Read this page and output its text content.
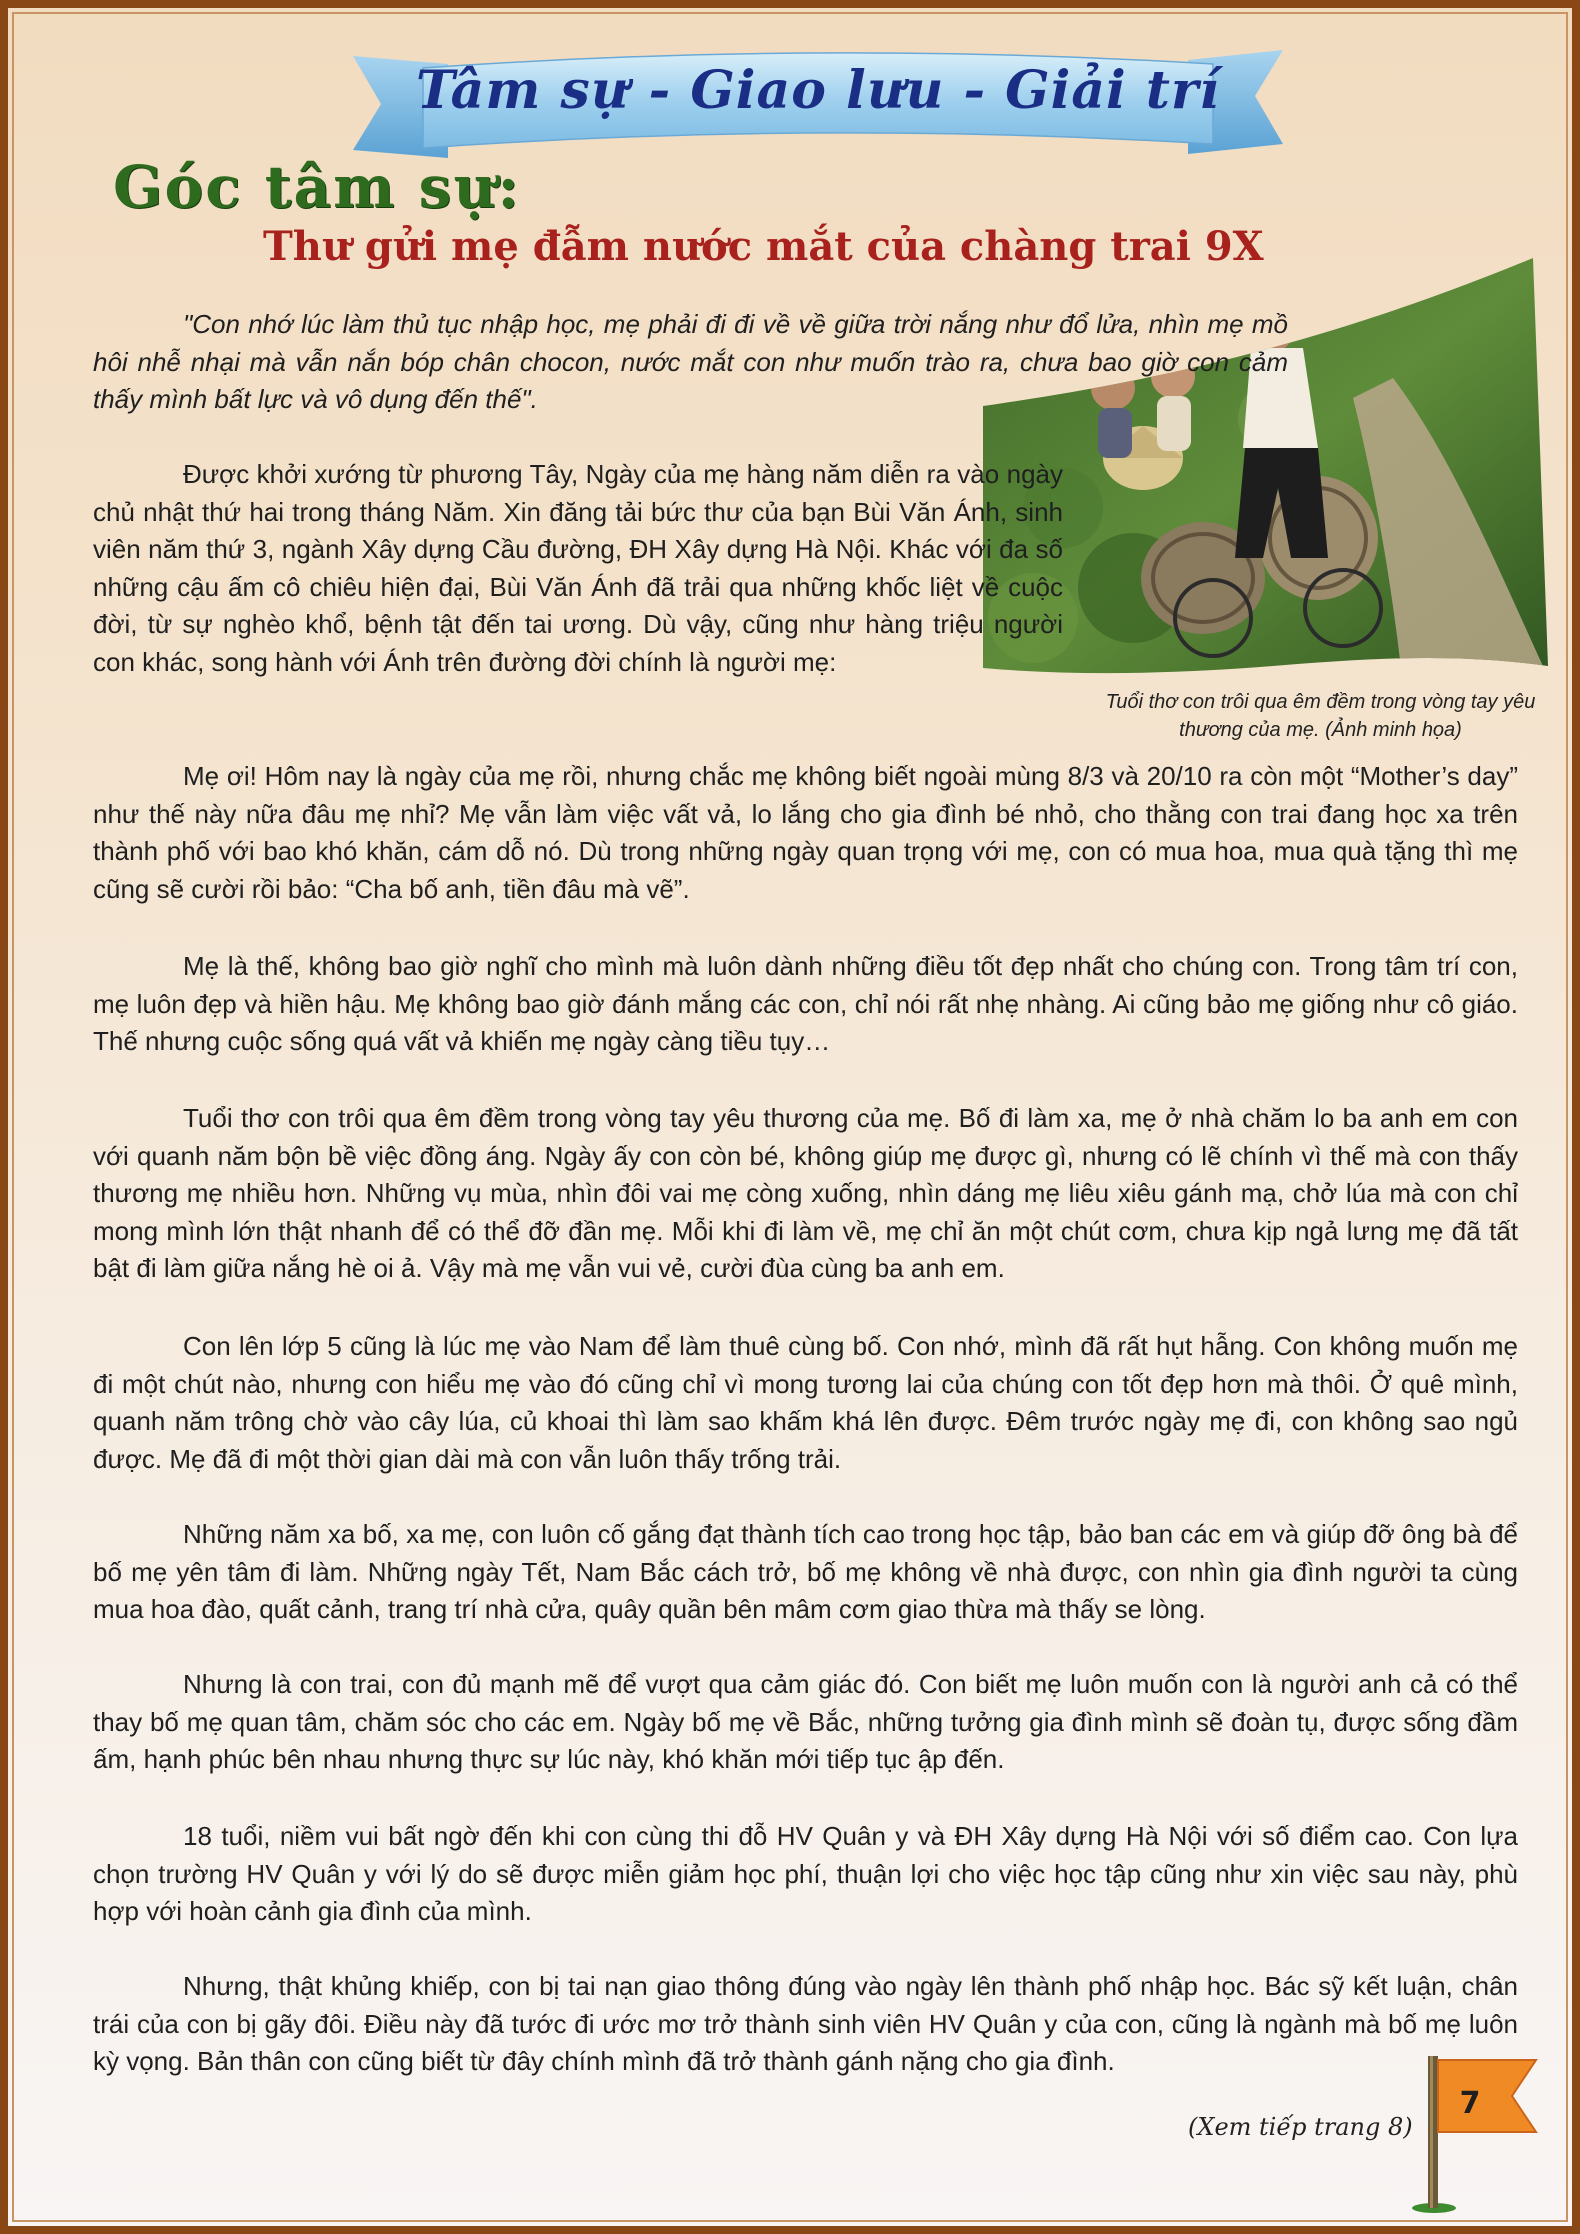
Tâm sự - Giao lưu - Giải trí
Góc tâm sự:
Thư gửi mẹ đẫm nước mắt của chàng trai 9X
Tuổi thơ con trôi qua êm đềm trong vòng tay yêu thương của mẹ. (Ảnh minh họa)

"Con nhớ lúc làm thủ tục nhập học, mẹ phải đi đi về về giữa trời nắng như đổ lửa, nhìn mẹ mồ hôi nhễ nhại mà vẫn nắn bóp chân chocon, nước mắt con như muốn trào ra, chưa bao giờ con cảm thấy mình bất lực và vô dụng đến thế".

Được khởi xướng từ phương Tây, Ngày của mẹ hàng năm diễn ra vào ngày chủ nhật thứ hai trong tháng Năm. Xin đăng tải bức thư của bạn Bùi Văn Ánh, sinh viên năm thứ 3, ngành Xây dựng Cầu đường, ĐH Xây dựng Hà Nội. Khác với đa số những cậu ấm cô chiêu hiện đại, Bùi Văn Ánh đã trải qua những khốc liệt về cuộc đời, từ sự nghèo khổ, bệnh tật đến tai ương. Dù vậy, cũng như hàng triệu người con khác, song hành với Ánh trên đường đời chính là người mẹ:

Mẹ ơi! Hôm nay là ngày của mẹ rồi, nhưng chắc mẹ không biết ngoài mùng 8/3 và 20/10 ra còn một “Mother’s day” như thế này nữa đâu mẹ nhỉ? Mẹ vẫn làm việc vất vả, lo lắng cho gia đình bé nhỏ, cho thằng con trai đang học xa trên thành phố với bao khó khăn, cám dỗ nó. Dù trong những ngày quan trọng với mẹ, con có mua hoa, mua quà tặng thì mẹ cũng sẽ cười rồi bảo: “Cha bố anh, tiền đâu mà vẽ”.

Mẹ là thế, không bao giờ nghĩ cho mình mà luôn dành những điều tốt đẹp nhất cho chúng con. Trong tâm trí con, mẹ luôn đẹp và hiền hậu. Mẹ không bao giờ đánh mắng các con, chỉ nói rất nhẹ nhàng. Ai cũng bảo mẹ giống như cô giáo. Thế nhưng cuộc sống quá vất vả khiến mẹ ngày càng tiều tụy…

Tuổi thơ con trôi qua êm đềm trong vòng tay yêu thương của mẹ. Bố đi làm xa, mẹ ở nhà chăm lo ba anh em con với quanh năm bộn bề việc đồng áng. Ngày ấy con còn bé, không giúp mẹ được gì, nhưng có lẽ chính vì thế mà con thấy thương mẹ nhiều hơn. Những vụ mùa, nhìn đôi vai mẹ còng xuống, nhìn dáng mẹ liêu xiêu gánh mạ, chở lúa mà con chỉ mong mình lớn thật nhanh để có thể đỡ đần mẹ. Mỗi khi đi làm về, mẹ chỉ ăn một chút cơm, chưa kịp ngả lưng mẹ đã tất bật đi làm giữa nắng hè oi ả. Vậy mà mẹ vẫn vui vẻ, cười đùa cùng ba anh em.

Con lên lớp 5 cũng là lúc mẹ vào Nam để làm thuê cùng bố. Con nhớ, mình đã rất hụt hẫng. Con không muốn mẹ đi một chút nào, nhưng con hiểu mẹ vào đó cũng chỉ vì mong tương lai của chúng con tốt đẹp hơn mà thôi. Ở quê mình, quanh năm trông chờ vào cây lúa, củ khoai thì làm sao khấm khá lên được. Đêm trước ngày mẹ đi, con không sao ngủ được. Mẹ đã đi một thời gian dài mà con vẫn luôn thấy trống trải.

Những năm xa bố, xa mẹ, con luôn cố gắng đạt thành tích cao trong học tập, bảo ban các em và giúp đỡ ông bà để bố mẹ yên tâm đi làm. Những ngày Tết, Nam Bắc cách trở, bố mẹ không về nhà được, con nhìn gia đình người ta cùng mua hoa đào, quất cảnh, trang trí nhà cửa, quây quần bên mâm cơm giao thừa mà thấy se lòng.

Nhưng là con trai, con đủ mạnh mẽ để vượt qua cảm giác đó. Con biết mẹ luôn muốn con là người anh cả có thể thay bố mẹ quan tâm, chăm sóc cho các em. Ngày bố mẹ về Bắc, những tưởng gia đình mình sẽ đoàn tụ, được sống đầm ấm, hạnh phúc bên nhau nhưng thực sự lúc này, khó khăn mới tiếp tục ập đến.

18 tuổi, niềm vui bất ngờ đến khi con cùng thi đỗ HV Quân y và ĐH Xây dựng Hà Nội với số điểm cao. Con lựa chọn trường HV Quân y với lý do sẽ được miễn giảm học phí, thuận lợi cho việc học tập cũng như xin việc sau này, phù hợp với hoàn cảnh gia đình của mình.

Nhưng, thật khủng khiếp, con bị tai nạn giao thông đúng vào ngày lên thành phố nhập học. Bác sỹ kết luận, chân trái của con bị gãy đôi. Điều này đã tước đi ước mơ trở thành sinh viên HV Quân y của con, cũng là ngành mà bố mẹ luôn kỳ vọng. Bản thân con cũng biết từ đây chính mình đã trở thành gánh nặng cho gia đình.

(Xem tiếp trang 8)
7
